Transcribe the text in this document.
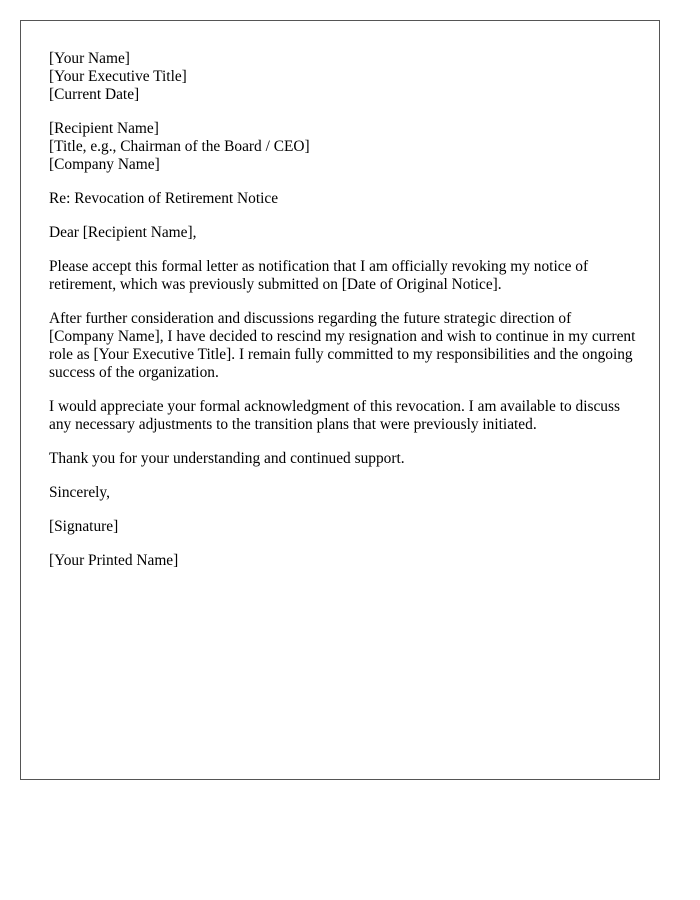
[Your Name]
[Your Executive Title]
[Current Date]
[Recipient Name]
[Title, e.g., Chairman of the Board / CEO]
[Company Name]

Re: Revocation of Retirement Notice

Dear [Recipient Name],

Please accept this formal letter as notification that I am officially revoking my notice of retirement, which was previously submitted on [Date of Original Notice].

After further consideration and discussions regarding the future strategic direction of [Company Name], I have decided to rescind my resignation and wish to continue in my current role as [Your Executive Title]. I remain fully committed to my responsibilities and the ongoing success of the organization.

I would appreciate your formal acknowledgment of this revocation. I am available to discuss any necessary adjustments to the transition plans that were previously initiated.

Thank you for your understanding and continued support.

Sincerely,

[Signature]

[Your Printed Name]
